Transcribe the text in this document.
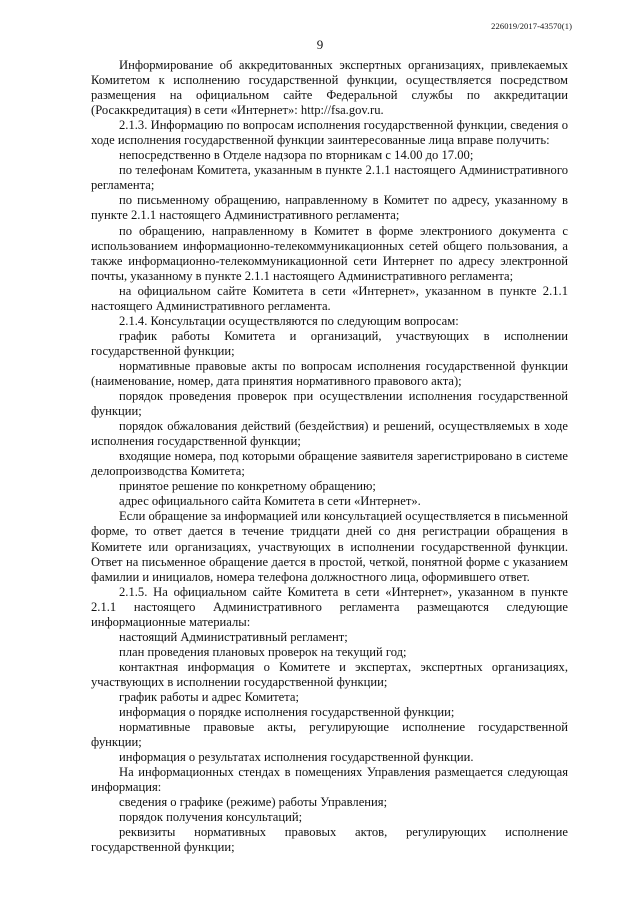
226019/2017-43570(1)
9

Информирование об аккредитованных экспертных организациях, привлекаемых Комитетом к исполнению государственной функции, осуществляется посредством размещения на официальном сайте Федеральной службы по аккредитации (Росаккредитация) в сети «Интернет»: http://fsa.gov.ru.

2.1.3. Информацию по вопросам исполнения государственной функции, сведения о ходе исполнения государственной функции заинтересованные лица вправе получить:

непосредственно в Отделе надзора по вторникам с 14.00 до 17.00;

по телефонам Комитета, указанным в пункте 2.1.1 настоящего Административного регламента;

по письменному обращению, направленному в Комитет по адресу, указанному в пункте 2.1.1 настоящего Административного регламента;

по обращению, направленному в Комитет в форме электрониого документа с использованием информационно-телекоммуникационных сетей общего пользования, а также информационно-телекоммуникационной сети Интернет по адресу электронной почты, указанному в пункте 2.1.1 настоящего Административного регламента;

на официальном сайте Комитета в сети «Интернет», указанном в пункте 2.1.1 настоящего Административного регламента.

2.1.4. Консультации осуществляются по следующим вопросам:

график работы Комитета и организаций, участвующих в исполнении государственной функции;

нормативные правовые акты по вопросам исполнения государственной функции (наименование, номер, дата принятия нормативного правового акта);

порядок проведения проверок при осуществлении исполнения государственной функции;

порядок обжалования действий (бездействия) и решений, осуществляемых в ходе исполнения государственной функции;

входящие номера, под которыми обращение заявителя зарегистрировано в системе делопроизводства Комитета;

принятое решение по конкретному обращению;

адрес официального сайта Комитета в сети «Интернет».

Если обращение за информацией или консультацией осуществляется в письменной форме, то ответ дается в течение тридцати дней со дня регистрации обращения в Комитете или организациях, участвующих в исполнении государственной функции. Ответ на письменное обращение дается в простой, четкой, понятной форме с указанием фамилии и инициалов, номера телефона должностного лица, оформившего ответ.

2.1.5. На официальном сайте Комитета в сети «Интернет», указанном в пункте 2.1.1 настоящего Административного регламента размещаются следующие информационные материалы:

настоящий Административный регламент;

план проведения плановых проверок на текущий год;

контактная информация о Комитете и экспертах, экспертных организациях, участвующих в исполнении государственной функции;

график работы и адрес Комитета;

информация о порядке исполнения государственной функции;

нормативные правовые акты, регулирующие исполнение государственной функции;

информация о результатах исполнения государственной функции.

На информационных стендах в помещениях Управления размещается следующая информация:

сведения о графике (режиме) работы Управления;

порядок получения консультаций;

реквизиты нормативных правовых актов, регулирующих исполнение государственной функции;
